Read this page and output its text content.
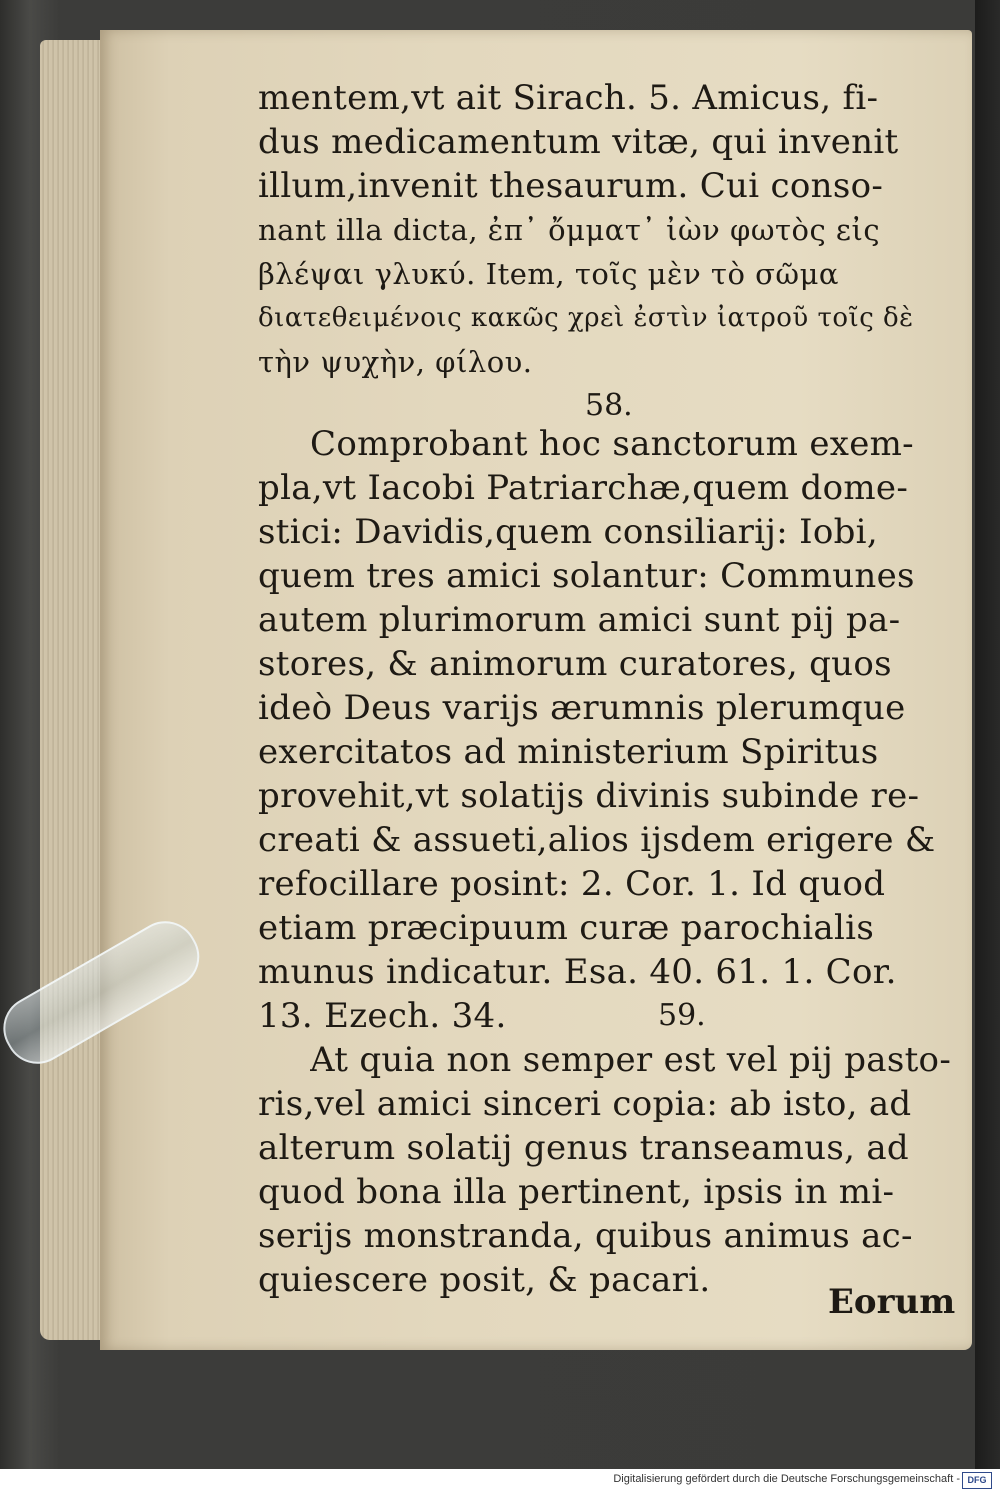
mentem,vt ait Sirach. 5. Amicus, fi-
dus medicamentum vitæ, qui invenit
illum,invenit thesaurum. Cui conso-
nant illa dicta, ἐπ᾽ ὄμματ᾽ ἰὼν φωτὸς εἰς
βλέψαι γλυκύ. Item, τοῖς μὲν τὸ σῶμα
διατεθειμένοις κακῶς χρεὶ ἐστὶν ἰατροῦ τοῖς δὲ
τὴν ψυχὴν, φίλου.
58.
Comprobant hoc sanctorum exem-
pla,vt Iacobi Patriarchæ,quem dome-
stici: Davidis,quem consiliarij: Iobi,
quem tres amici solantur: Communes
autem plurimorum amici sunt pij pa-
stores, & animorum curatores, quos
ideò Deus varijs ærumnis plerumque
exercitatos ad ministerium Spiritus
provehit,vt solatijs divinis subinde re-
creati & assueti,alios ijsdem erigere &
refocillare posint: 2. Cor. 1. Id quod
etiam præcipuum curæ parochialis
munus indicatur. Esa. 40. 61. 1. Cor.
13. Ezech. 34.	59.
At quia non semper est vel pij pasto-
ris,vel amici sinceri copia: ab isto, ad
alterum solatij genus transeamus, ad
quod bona illa pertinent, ipsis in mi-
serijs monstranda, quibus animus ac-
quiescere posit, & pacari.
Eorum
Digitalisierung gefördert durch die Deutsche Forschungsgemeinschaft - DFG
